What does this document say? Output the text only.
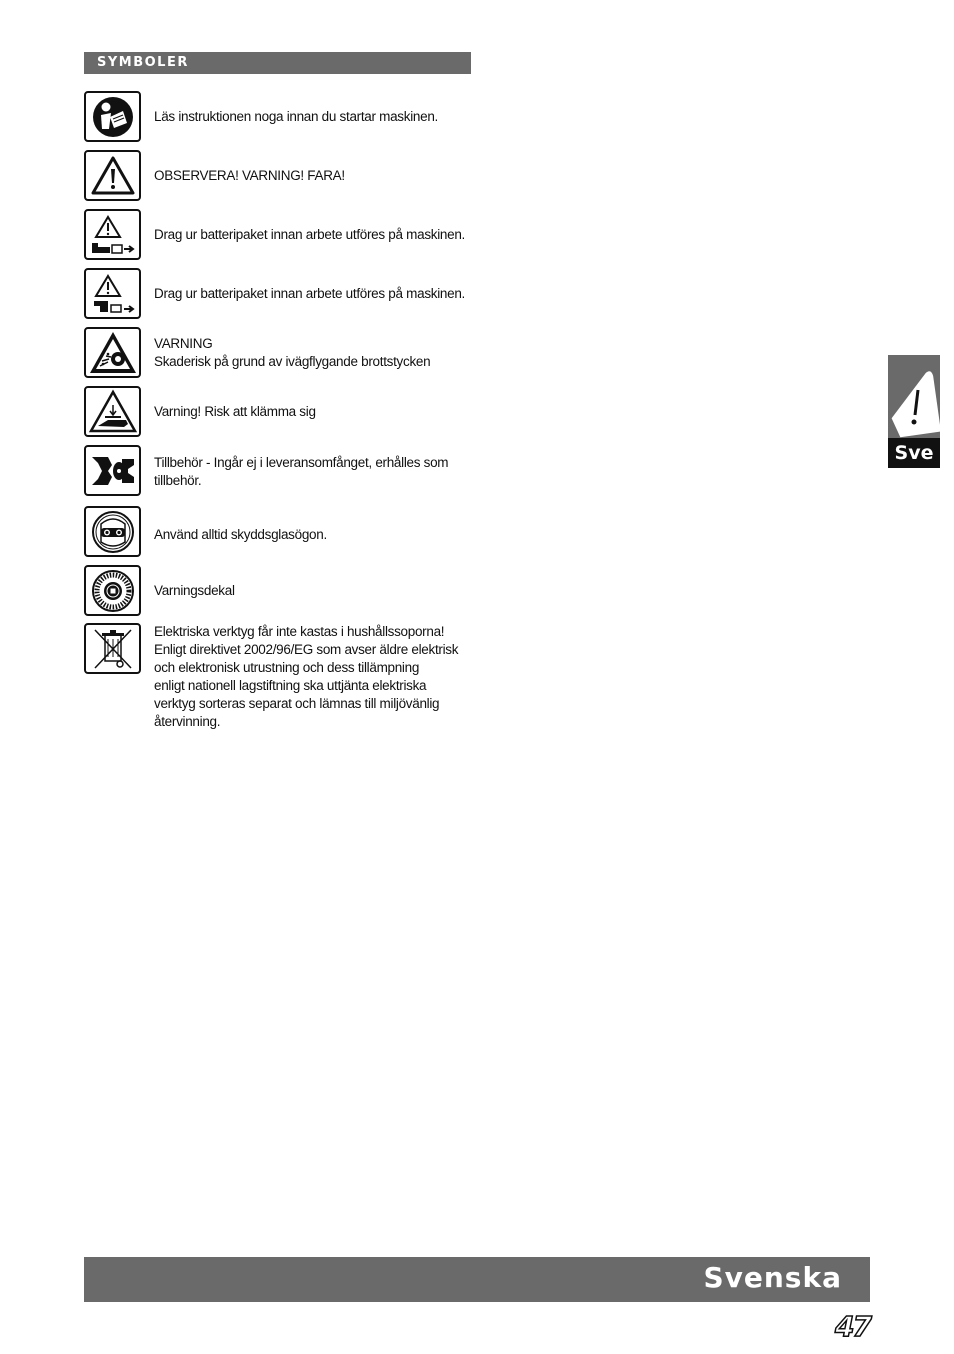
SYMBOLER
Läs instruktionen noga innan du startar maskinen.
OBSERVERA! VARNING! FARA!
Drag ur batteripaket innan arbete utföres på maskinen.
Drag ur batteripaket innan arbete utföres på maskinen.
VARNING
Skaderisk på grund av ivägflygande brottstycken
Varning! Risk att klämma sig
Tillbehör - Ingår ej i leveransomfånget, erhålles som
tillbehör.
Använd alltid skyddsglasögon.
Varningsdekal
Elektriska verktyg får inte kastas i hushållssoporna!
Enligt direktivet 2002/96/EG som avser äldre elektrisk
och elektronisk utrustning och dess tillämpning
enligt nationell lagstiftning ska uttjänta elektriska
verktyg sorteras separat och lämnas till miljövänlig
återvinning.
Sve
Svenska
47
